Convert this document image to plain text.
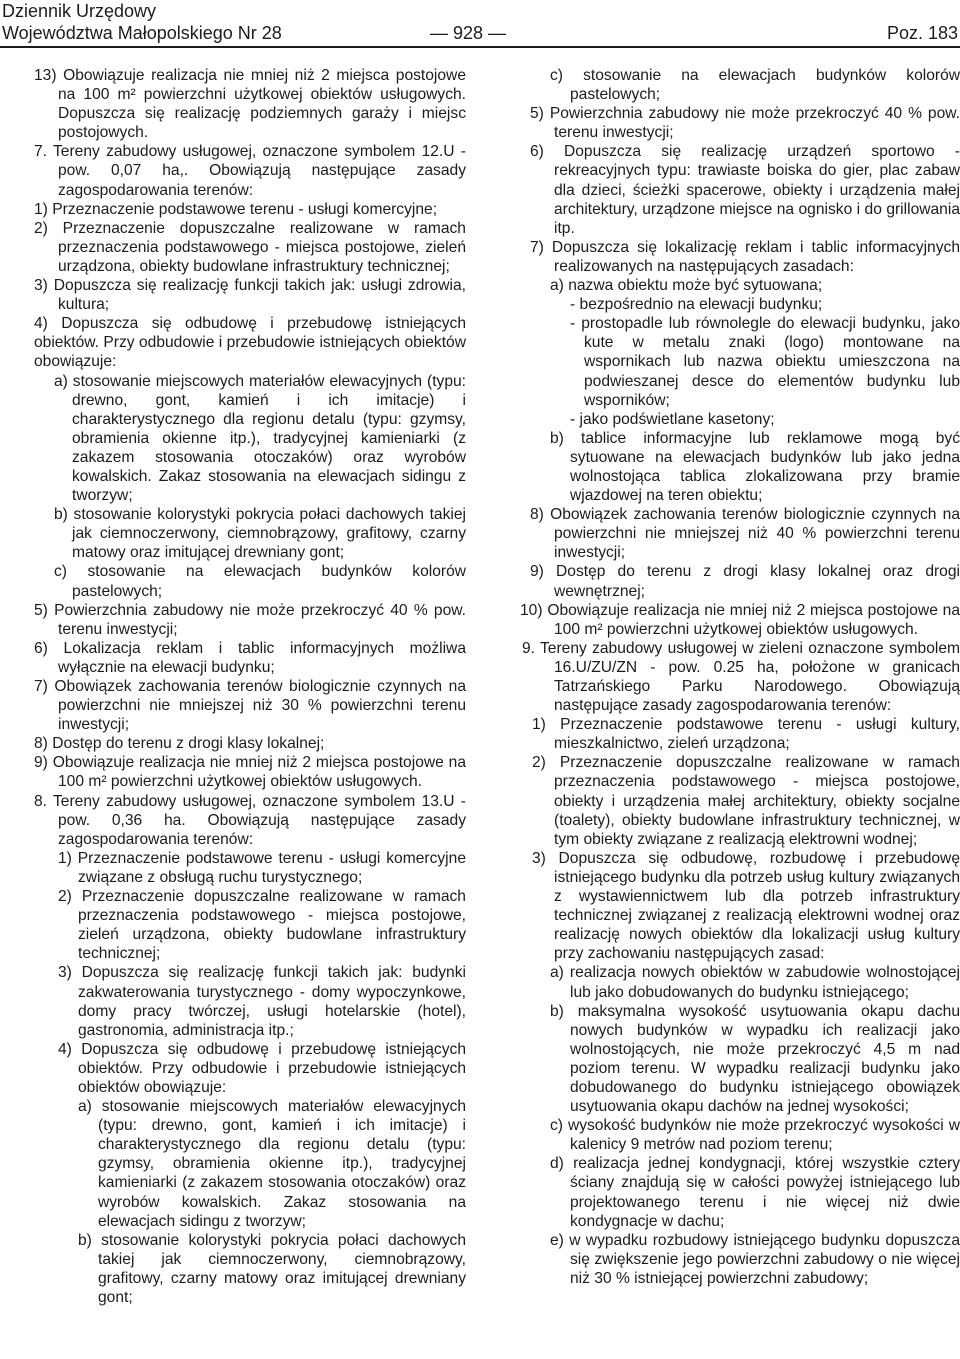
Dziennik Urzędowy
Województwa Małopolskiego Nr 28	— 928 —	Poz. 183

13) Obowiązuje realizacja nie mniej niż 2 miejsca postojowe na 100 m² powierzchni użytkowej obiektów usługowych. Dopuszcza się realizację podziemnych garaży i miejsc postojowych.

7. Tereny zabudowy usługowej, oznaczone symbolem 12.U - pow. 0,07 ha,. Obowiązują następujące zasady zagospodarowania terenów:

1) Przeznaczenie podstawowe terenu - usługi komercyjne;

2) Przeznaczenie dopuszczalne realizowane w ramach przeznaczenia podstawowego - miejsca postojowe, zieleń urządzona, obiekty budowlane infrastruktury technicznej;

3) Dopuszcza się realizację funkcji takich jak: usługi zdrowia, kultura;

4) Dopuszcza się odbudowę i przebudowę istniejących obiektów. Przy odbudowie i przebudowie istniejących obiektów obowiązuje:

a) stosowanie miejscowych materiałów elewacyjnych (typu: drewno, gont, kamień i ich imitacje) i charakterystycznego dla regionu detalu (typu: gzymsy, obramienia okienne itp.), tradycyjnej kamieniarki (z zakazem stosowania otoczaków) oraz wyrobów kowalskich. Zakaz stosowania na elewacjach sidingu z tworzyw;

b) stosowanie kolorystyki pokrycia połaci dachowych takiej jak ciemnoczerwony, ciemnobrązowy, grafitowy, czarny matowy oraz imitującej drewniany gont;

c) stosowanie na elewacjach budynków kolorów pastelowych;

5) Powierzchnia zabudowy nie może przekroczyć 40 % pow. terenu inwestycji;

6) Lokalizacja reklam i tablic informacyjnych możliwa wyłącznie na elewacji budynku;

7) Obowiązek zachowania terenów biologicznie czynnych na powierzchni nie mniejszej niż 30 % powierzchni terenu inwestycji;

8) Dostęp do terenu z drogi klasy lokalnej;

9) Obowiązuje realizacja nie mniej niż 2 miejsca postojowe na 100 m² powierzchni użytkowej obiektów usługowych.

8. Tereny zabudowy usługowej, oznaczone symbolem 13.U - pow. 0,36 ha. Obowiązują następujące zasady zagospodarowania terenów:

1) Przeznaczenie podstawowe terenu - usługi komercyjne związane z obsługą ruchu turystycznego;

2) Przeznaczenie dopuszczalne realizowane w ramach przeznaczenia podstawowego - miejsca postojowe, zieleń urządzona, obiekty budowlane infrastruktury technicznej;

3) Dopuszcza się realizację funkcji takich jak: budynki zakwaterowania turystycznego - domy wypoczynkowe, domy pracy twórczej, usługi hotelarskie (hotel), gastronomia, administracja itp.;

4) Dopuszcza się odbudowę i przebudowę istniejących obiektów. Przy odbudowie i przebudowie istniejących obiektów obowiązuje:

a) stosowanie miejscowych materiałów elewacyjnych (typu: drewno, gont, kamień i ich imitacje) i charakterystycznego dla regionu detalu (typu: gzymsy, obramienia okienne itp.), tradycyjnej kamieniarki (z zakazem stosowania otoczaków) oraz wyrobów kowalskich. Zakaz stosowania na elewacjach sidingu z tworzyw;

b) stosowanie kolorystyki pokrycia połaci dachowych takiej jak ciemnoczerwony, ciemnobrązowy, grafitowy, czarny matowy oraz imitującej drewniany gont;

c) stosowanie na elewacjach budynków kolorów pastelowych;

5) Powierzchnia zabudowy nie może przekroczyć 40 % pow. terenu inwestycji;

6) Dopuszcza się realizację urządzeń sportowo - rekreacyjnych typu: trawiaste boiska do gier, plac zabaw dla dzieci, ścieżki spacerowe, obiekty i urządzenia małej architektury, urządzone miejsce na ognisko i do grillowania itp.

7) Dopuszcza się lokalizację reklam i tablic informacyjnych realizowanych na następujących zasadach:

a) nazwa obiektu może być sytuowana;

- bezpośrednio na elewacji budynku;

- prostopadle lub równolegle do elewacji budynku, jako kute w metalu znaki (logo) montowane na wspornikach lub nazwa obiektu umieszczona na podwieszanej desce do elementów budynku lub wsporników;

- jako podświetlane kasetony;

b) tablice informacyjne lub reklamowe mogą być sytuowane na elewacjach budynków lub jako jedna wolnostojąca tablica zlokalizowana przy bramie wjazdowej na teren obiektu;

8) Obowiązek zachowania terenów biologicznie czynnych na powierzchni nie mniejszej niż 40 % powierzchni terenu inwestycji;

9) Dostęp do terenu z drogi klasy lokalnej oraz drogi wewnętrznej;

10) Obowiązuje realizacja nie mniej niż 2 miejsca postojowe na 100 m² powierzchni użytkowej obiektów usługowych.

9. Tereny zabudowy usługowej w zieleni oznaczone symbolem 16.U/ZU/ZN - pow. 0.25 ha, położone w granicach Tatrzańskiego Parku Narodowego. Obowiązują następujące zasady zagospodarowania terenów:

1) Przeznaczenie podstawowe terenu - usługi kultury, mieszkalnictwo, zieleń urządzona;

2) Przeznaczenie dopuszczalne realizowane w ramach przeznaczenia podstawowego - miejsca postojowe, obiekty i urządzenia małej architektury, obiekty socjalne (toalety), obiekty budowlane infrastruktury technicznej, w tym obiekty związane z realizacją elektrowni wodnej;

3) Dopuszcza się odbudowę, rozbudowę i przebudowę istniejącego budynku dla potrzeb usług kultury związanych z wystawiennictwem lub dla potrzeb infrastruktury technicznej związanej z realizacją elektrowni wodnej oraz realizację nowych obiektów dla lokalizacji usług kultury przy zachowaniu następujących zasad:

a) realizacja nowych obiektów w zabudowie wolnostojącej lub jako dobudowanych do budynku istniejącego;

b) maksymalna wysokość usytuowania okapu dachu nowych budynków w wypadku ich realizacji jako wolnostojących, nie może przekroczyć 4,5 m nad poziom terenu. W wypadku realizacji budynku jako dobudowanego do budynku istniejącego obowiązek usytuowania okapu dachów na jednej wysokości;

c) wysokość budynków nie może przekroczyć wysokości w kalenicy 9 metrów nad poziom terenu;

d) realizacja jednej kondygnacji, której wszystkie cztery ściany znajdują się w całości powyżej istniejącego lub projektowanego terenu i nie więcej niż dwie kondygnacje w dachu;

e) w wypadku rozbudowy istniejącego budynku dopuszcza się zwiększenie jego powierzchni zabudowy o nie więcej niż 30 % istniejącej powierzchni zabudowy;
